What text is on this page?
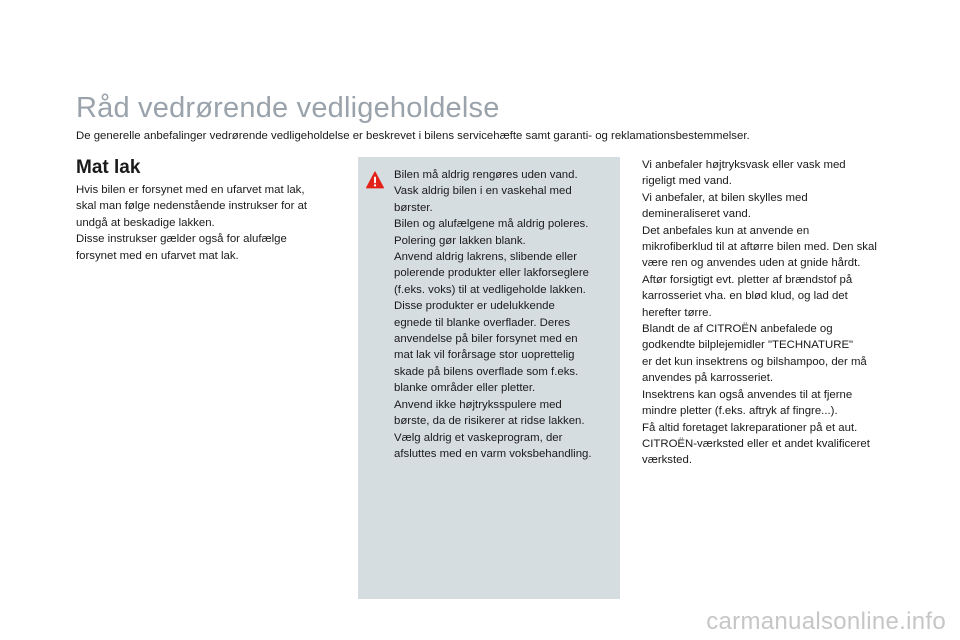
Råd vedrørende vedligeholdelse

De generelle anbefalinger vedrørende vedligeholdelse er beskrevet i bilens servicehæfte samt garanti- og reklamationsbestemmelser.

Mat lak

Hvis bilen er forsynet med en ufarvet mat lak,

skal man følge nedenstående instrukser for at

undgå at beskadige lakken.

Disse instrukser gælder også for alufælge

forsynet med en ufarvet mat lak.

Bilen må aldrig rengøres uden vand.

Vask aldrig bilen i en vaskehal med

børster.

Bilen og alufælgene må aldrig poleres.

Polering gør lakken blank.

Anvend aldrig lakrens, slibende eller

polerende produkter eller lakforseglere

(f.eks. voks) til at vedligeholde lakken.

Disse produkter er udelukkende

egnede til blanke overflader. Deres

anvendelse på biler forsynet med en

mat lak vil forårsage stor uoprettelig

skade på bilens overflade som f.eks.

blanke områder eller pletter.

Anvend ikke højtryksspulere med

børste, da de risikerer at ridse lakken.

Vælg aldrig et vaskeprogram, der

afsluttes med en varm voksbehandling.

Vi anbefaler højtryksvask eller vask med

rigeligt med vand.

Vi anbefaler, at bilen skylles med

demineraliseret vand.

Det anbefales kun at anvende en

mikrofiberklud til at aftørre bilen med. Den skal

være ren og anvendes uden at gnide hårdt.

Aftør forsigtigt evt. pletter af brændstof på

karrosseriet vha. en blød klud, og lad det

herefter tørre.

Blandt de af CITROËN anbefalede og

godkendte bilplejemidler "TECHNATURE"

er det kun insektrens og bilshampoo, der må

anvendes på karrosseriet.

Insektrens kan også anvendes til at fjerne

mindre pletter (f.eks. aftryk af fingre...).

Få altid foretaget lakreparationer på et aut.

CITROËN-værksted eller et andet kvalificeret

værksted.

carmanualsonline.info
